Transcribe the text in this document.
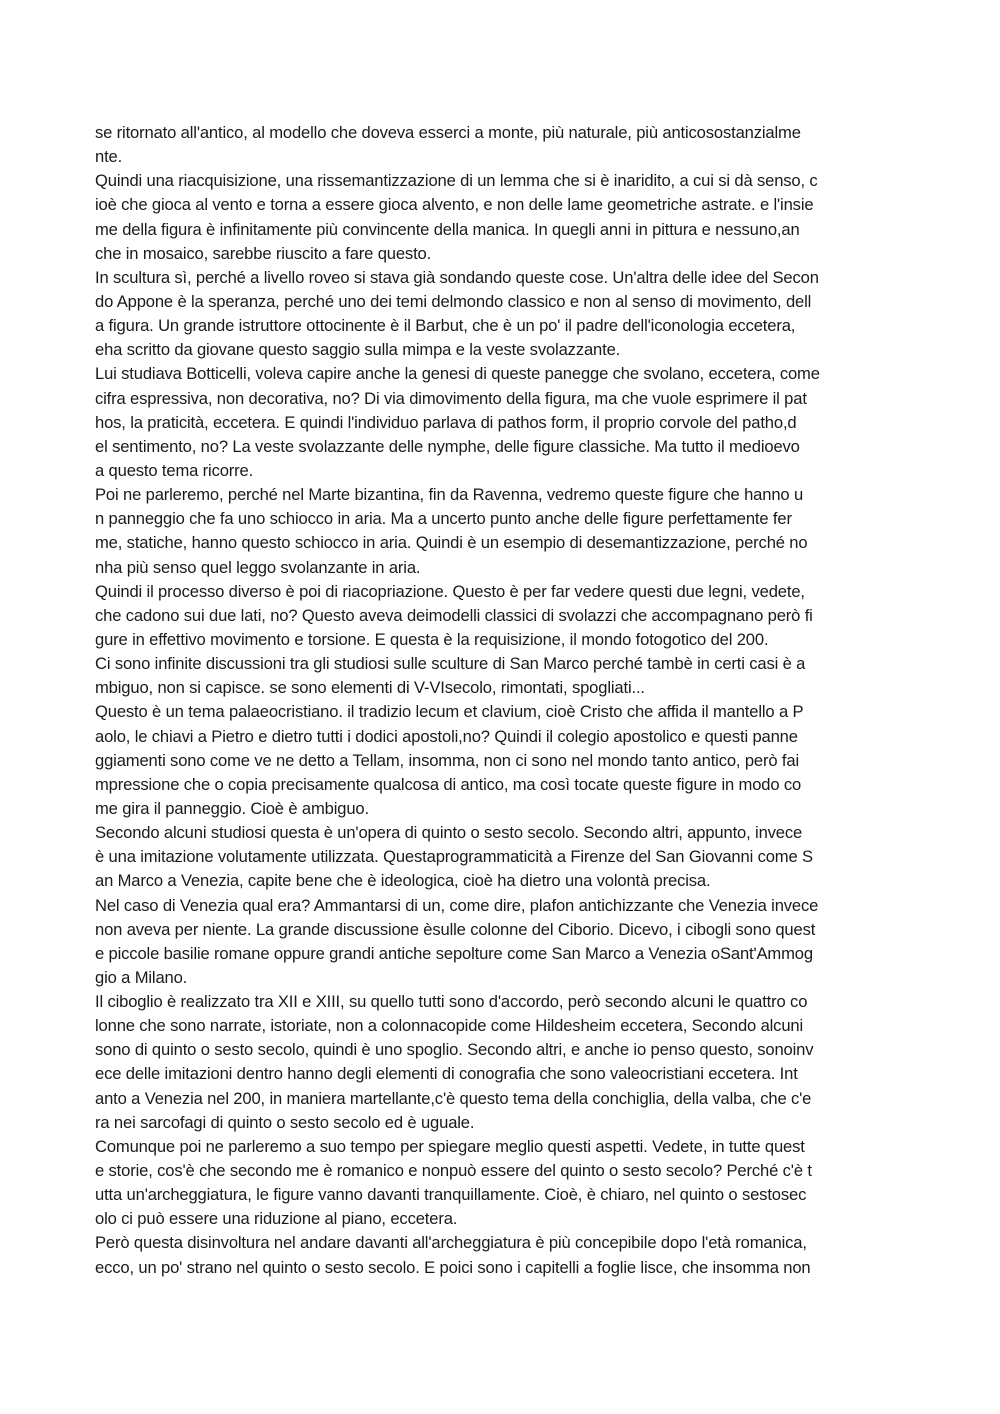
se ritornato all'antico, al modello che doveva esserci a monte, più naturale, più anticosostanzialme
nte.
Quindi una riacquisizione, una rissemantizzazione di un lemma che si è inaridito, a cui si dà senso, c
ioè che gioca al vento e torna a essere gioca alvento, e non delle lame geometriche astrate. e l'insie
me della figura è infinitamente più convincente della manica. In quegli anni in pittura e nessuno,an
che in mosaico, sarebbe riuscito a fare questo.
In scultura sì, perché a livello roveo si stava già sondando queste cose. Un'altra delle idee del Secon
do Appone è la speranza, perché uno dei temi delmondo classico e non al senso di movimento, dell
a figura. Un grande istruttore ottocinente è il Barbut, che è un po' il padre dell'iconologia eccetera,
eha scritto da giovane questo saggio sulla mimpa e la veste svolazzante.
Lui studiava Botticelli, voleva capire anche la genesi di queste panegge che svolano, eccetera, come
cifra espressiva, non decorativa, no? Di via dimovimento della figura, ma che vuole esprimere il pat
hos, la praticità, eccetera. E quindi l'individuo parlava di pathos form, il proprio corvole del patho,d
el sentimento, no? La veste svolazzante delle nymphe, delle figure classiche. Ma tutto il medioevo
a questo tema ricorre.
Poi ne parleremo, perché nel Marte bizantina, fin da Ravenna, vedremo queste figure che hanno u
n panneggio che fa uno schiocco in aria. Ma a uncerto punto anche delle figure perfettamente fer
me, statiche, hanno questo schiocco in aria. Quindi è un esempio di desemantizzazione, perché no
nha più senso quel leggo svolanzante in aria.
Quindi il processo diverso è poi di riacopriazione. Questo è per far vedere questi due legni, vedete,
che cadono sui due lati, no? Questo aveva deimodelli classici di svolazzi che accompagnano però fi
gure in effettivo movimento e torsione. E questa è la requisizione, il mondo fotogotico del 200.
Ci sono infinite discussioni tra gli studiosi sulle sculture di San Marco perché tambè in certi casi è a
mbiguo, non si capisce. se sono elementi di V-VIsecolo, rimontati, spogliati...
Questo è un tema palaeocristiano. il tradizio lecum et clavium, cioè Cristo che affida il mantello a P
aolo, le chiavi a Pietro e dietro tutti i dodici apostoli,no? Quindi il colegio apostolico e questi panne
ggiamenti sono come ve ne detto a Tellam, insomma, non ci sono nel mondo tanto antico, però fai
mpressione che o copia precisamente qualcosa di antico, ma così tocate queste figure in modo co
me gira il panneggio. Cioè è ambiguo.
Secondo alcuni studiosi questa è un'opera di quinto o sesto secolo. Secondo altri, appunto, invece
è una imitazione volutamente utilizzata. Questaprogrammaticità a Firenze del San Giovanni come S
an Marco a Venezia, capite bene che è ideologica, cioè ha dietro una volontà precisa.
Nel caso di Venezia qual era? Ammantarsi di un, come dire, plafon antichizzante che Venezia invece
non aveva per niente. La grande discussione èsulle colonne del Ciborio. Dicevo, i cibogli sono quest
e piccole basilie romane oppure grandi antiche sepolture come San Marco a Venezia oSant'Ammog
gio a Milano.
Il ciboglio è realizzato tra XII e XIII, su quello tutti sono d'accordo, però secondo alcuni le quattro co
lonne che sono narrate, istoriate, non a colonnacopide come Hildesheim eccetera, Secondo alcuni
sono di quinto o sesto secolo, quindi è uno spoglio. Secondo altri, e anche io penso questo, sonoinv
ece delle imitazioni dentro hanno degli elementi di conografia che sono valeocristiani eccetera. Int
anto a Venezia nel 200, in maniera martellante,c'è questo tema della conchiglia, della valba, che c'e
ra nei sarcofagi di quinto o sesto secolo ed è uguale.
Comunque poi ne parleremo a suo tempo per spiegare meglio questi aspetti. Vedete, in tutte quest
e storie, cos'è che secondo me è romanico e nonpuò essere del quinto o sesto secolo? Perché c'è t
utta un'archeggiatura, le figure vanno davanti tranquillamente. Cioè, è chiaro, nel quinto o sestosec
olo ci può essere una riduzione al piano, eccetera.
Però questa disinvoltura nel andare davanti all'archeggiatura è più concepibile dopo l'età romanica,
ecco, un po' strano nel quinto o sesto secolo. E poici sono i capitelli a foglie lisce, che insomma non
